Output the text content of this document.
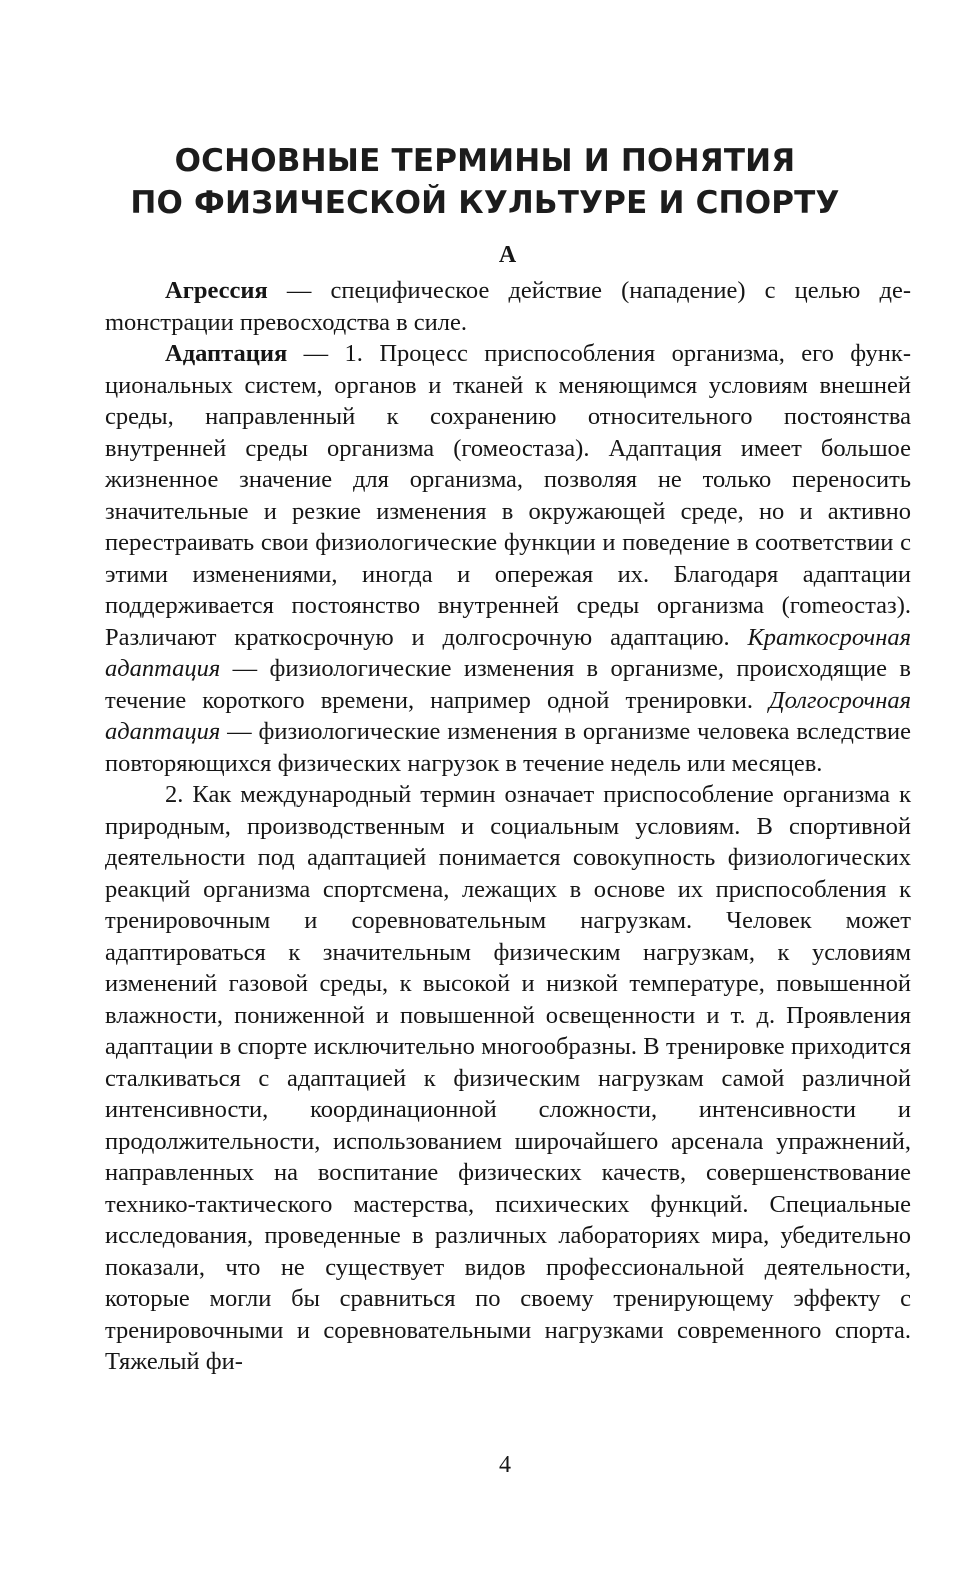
ОСНОВНЫЕ ТЕРМИНЫ И ПОНЯТИЯ
ПО ФИЗИЧЕСКОЙ КУЛЬТУРЕ И СПОРТУ
А

Агрессия — специфическое действие (нападение) с целью деmонстрации превосходства в силе.

Адаптация — 1. Процесс приспособления организма, его функциональных систем, органов и тканей к меняющимся условиям внешней среды, направленный к сохранению относительного постоянства внутренней среды организма (гомеостаза). Адаптация имеет большое жизненное значение для организма, позволяя не только переносить значительные и резкие изменения в окружающей среде, но и активно перестраивать свои физиологические функции и поведение в соответствии с этими изменениями, иногда и опережая их. Благодаря адаптации поддерживается постоянство внутренней среды организма (гоmеостаз). Различают краткосрочную и долгосрочную адаптацию. Краткосрочная адаптация — физиологические изменения в организме, происходящие в течение короткого времени, например одной тренировки. Долгосрочная адаптация — физиологические изменения в организме человека вследствие повторяющихся физических нагрузок в течение недель или месяцев.

2. Как международный термин означает приспособление организма к природным, производственным и социальным условиям. В спортивной деятельности под адаптацией понимается совокупность физиологических реакций организма спортсмена, лежащих в основе их приспособления к тренировочным и соревновательным нагрузкам. Человек может адаптироваться к значительным физическим нагрузкам, к условиям изменений газовой среды, к высокой и низкой температуре, повышенной влажности, пониженной и повышенной освещенности и т. д. Проявления адаптации в спорте исключительно многообразны. В тренировке приходится сталкиваться с адаптацией к физическим нагрузкам самой различной интенсивности, координационной сложности, интенсивности и продолжительности, использованием широчайшего арсенала упражнений, направленных на воспитание физических качеств, совершенствование технико-тактического мастерства, психических функций. Специальные исследования, проведенные в различных лабораториях мира, убедительно показали, что не существует видов профессиональной деятельности, которые могли бы сравниться по своему тренирующему эффекту с тренировочными и соревновательными нагрузками современного спорта. Тяжелый фи-

4
